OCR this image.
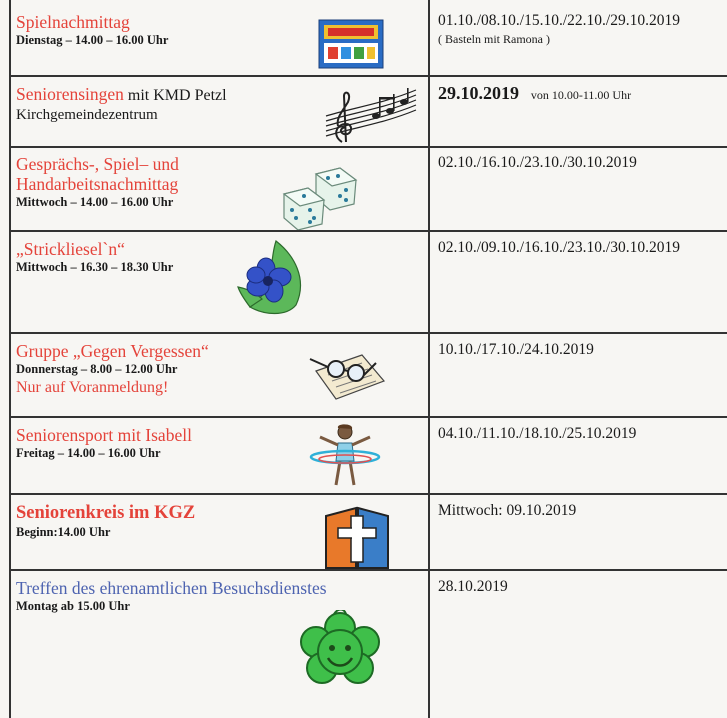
Spielnachmittag
Dienstag – 14.00 – 16.00 Uhr
01.10./08.10./15.10./22.10./29.10.2019
( Basteln mit Ramona )
Seniorensingen mit KMD Petzl
Kirchgemeindezentrum
29.10.2019 von 10.00-11.00 Uhr
Gesprächs-, Spiel– und
Handarbeitsnachmittag
Mittwoch – 14.00 – 16.00 Uhr
02.10./16.10./23.10./30.10.2019
„Strickliesel`n“
Mittwoch – 16.30 – 18.30 Uhr
02.10./09.10./16.10./23.10./30.10.2019
Gruppe „Gegen Vergessen“
Donnerstag – 8.00 – 12.00 Uhr
Nur auf Voranmeldung!
10.10./17.10./24.10.2019
Seniorensport mit Isabell
Freitag – 14.00 – 16.00 Uhr
04.10./11.10./18.10./25.10.2019
Seniorenkreis im KGZ
Beginn:14.00 Uhr
Mittwoch: 09.10.2019
Treffen des ehrenamtlichen Besuchsdienstes
Montag ab 15.00 Uhr
28.10.2019
